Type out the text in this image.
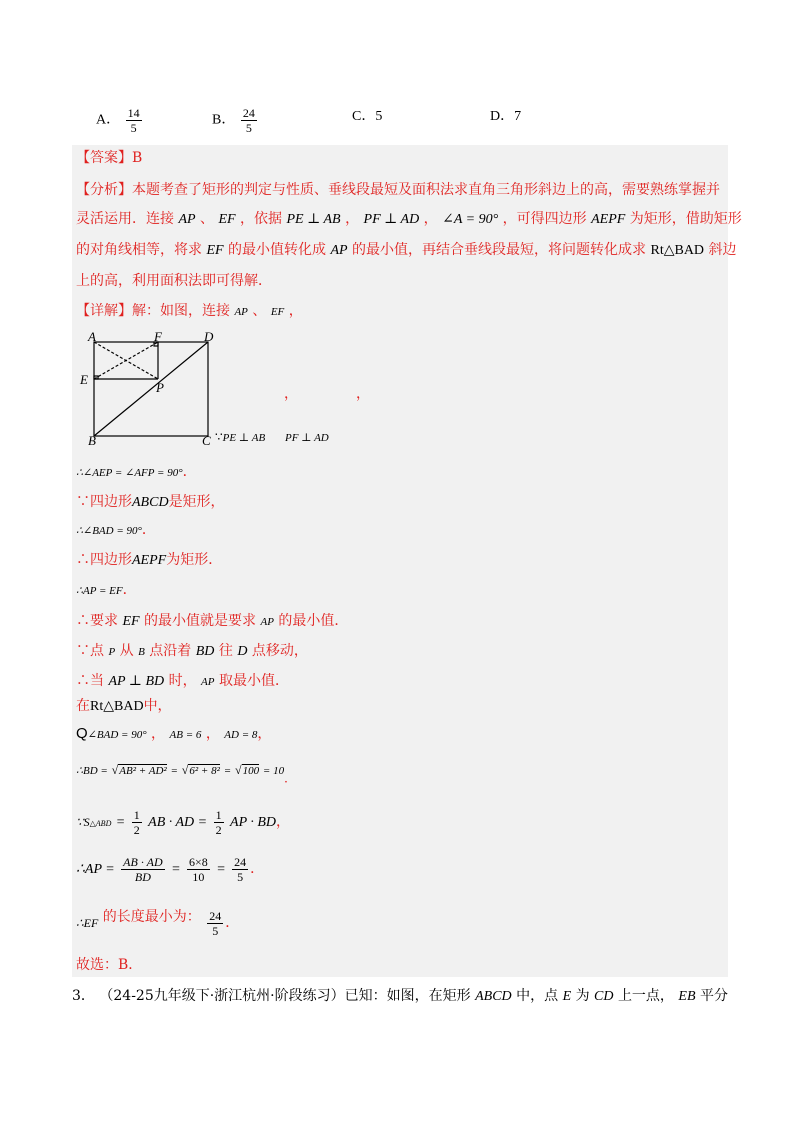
A． $\frac{14}{5}$	B． $\frac{24}{5}$	C．5	D．7
【答案】B
【分析】本题考查了矩形的判定与性质、垂线段最短及面积法求直角三角形斜边上的高，需要熟练掌握并
灵活运用．连接 AP 、 EF ，依据 PE ⊥ AB ， PF ⊥ AD ， ∠A = 90° ，可得四边形 AEPF 为矩形，借助矩形
的对角线相等，将求 EF 的最小值转化成 AP 的最小值，再结合垂线段最短，将问题转化成求 Rt△BAD 斜边
上的高，利用面积法即可得解．
【详解】解：如图，连接 AP 、 EF ，
A	F	D
E
P
B	C
，	，
∵PE ⊥ AB PF ⊥ AD
∴∠AEP = ∠AFP = 90°．
∵四边形ABCD是矩形，
∴∠BAD = 90°．
∴四边形AEPF为矩形．
∴AP = EF．
∴要求 EF 的最小值就是要求 AP 的最小值．
∵点 P 从 B 点沿着 BD 往 D 点移动，
∴当 AP ⊥ BD 时， AP 取最小值．
在Rt△BAD中，
Q∠BAD = 90° ， AB = 6 ， AD = 8，
∴BD = √AB² + AD² = √6² + 8² = √100 = 10．
∵S△ABD = $\frac{1}{2}$ AB · AD = $\frac{1}{2}$ AP · BD，
∴AP = $\frac{AB \cdot AD}{BD} = \frac{6\times 8}{10} = \frac{24}{5}$ ．
∴EF 的长度最小为： $\frac{24}{5}$ ．
故选：B．
3． （24-25九年级下·浙江杭州·阶段练习）已知：如图，在矩形 ABCD 中，点 E 为 CD 上一点， EB 平分
